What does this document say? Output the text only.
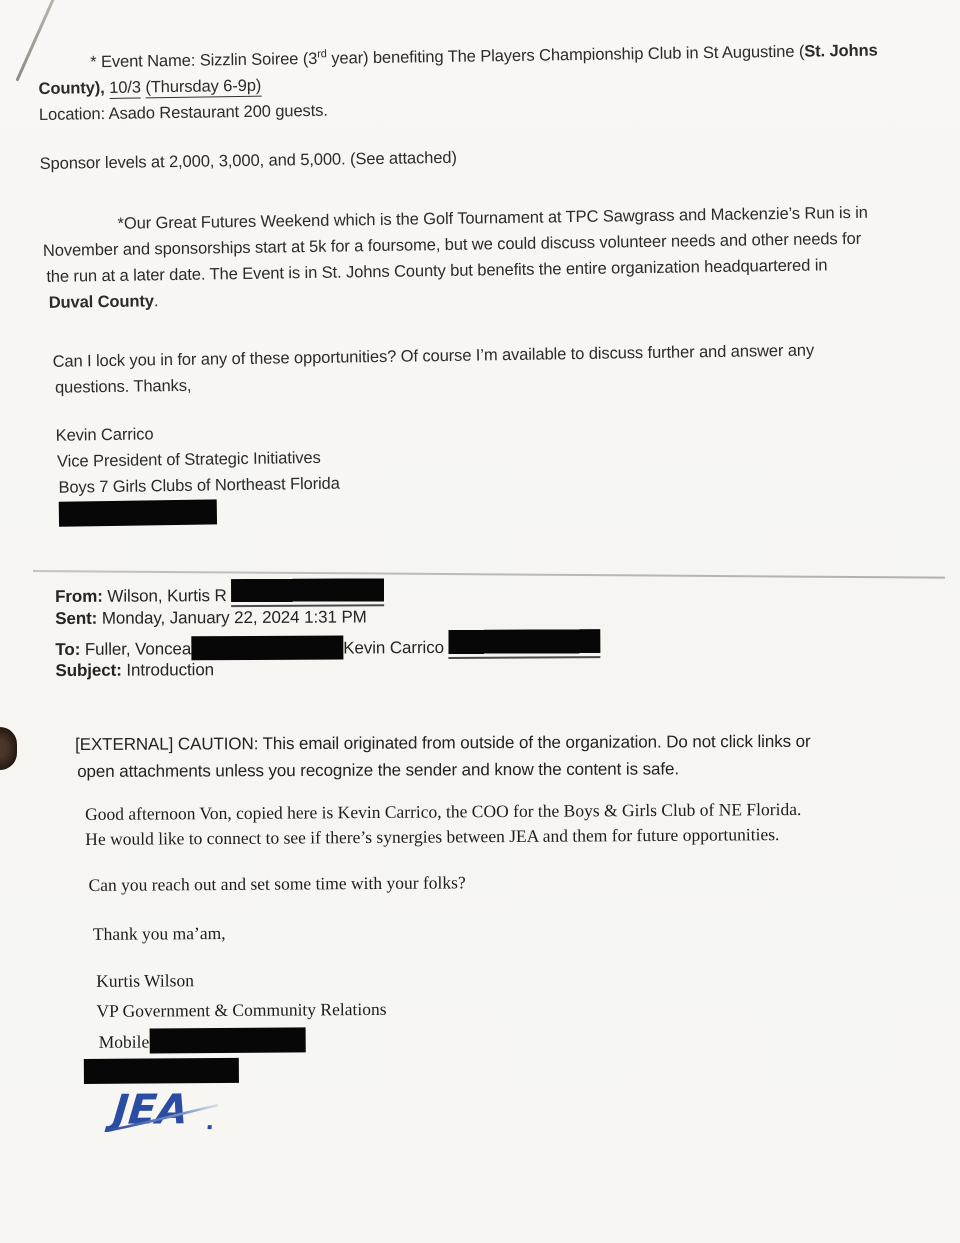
* Event Name: Sizzlin Soiree (3rd year) benefiting The Players Championship Club in St Augustine (St. Johns
County), 10/3 (Thursday 6-9p)
Location: Asado Restaurant 200 guests.
Sponsor levels at 2,000, 3,000, and 5,000. (See attached)
*Our Great Futures Weekend which is the Golf Tournament at TPC Sawgrass and Mackenzie’s Run is in
November and sponsorships start at 5k for a foursome, but we could discuss volunteer needs and other needs for
the run at a later date. The Event is in St. Johns County but benefits the entire organization headquartered in
Duval County.
Can I lock you in for any of these opportunities? Of course I’m available to discuss further and answer any
questions. Thanks,
Kevin Carrico
Vice President of Strategic Initiatives
Boys 7 Girls Clubs of Northeast Florida
From: Wilson, Kurtis R
Sent: Monday, January 22, 2024 1:31 PM
To: Fuller, Voncea	Kevin Carrico
Subject: Introduction
[EXTERNAL] CAUTION: This email originated from outside of the organization. Do not click links or
open attachments unless you recognize the sender and know the content is safe.
Good afternoon Von, copied here is Kevin Carrico, the COO for the Boys & Girls Club of NE Florida.
He would like to connect to see if there’s synergies between JEA and them for future opportunities.
Can you reach out and set some time with your folks?
Thank you ma’am,
Kurtis Wilson
VP Government & Community Relations
Mobile
JEA
